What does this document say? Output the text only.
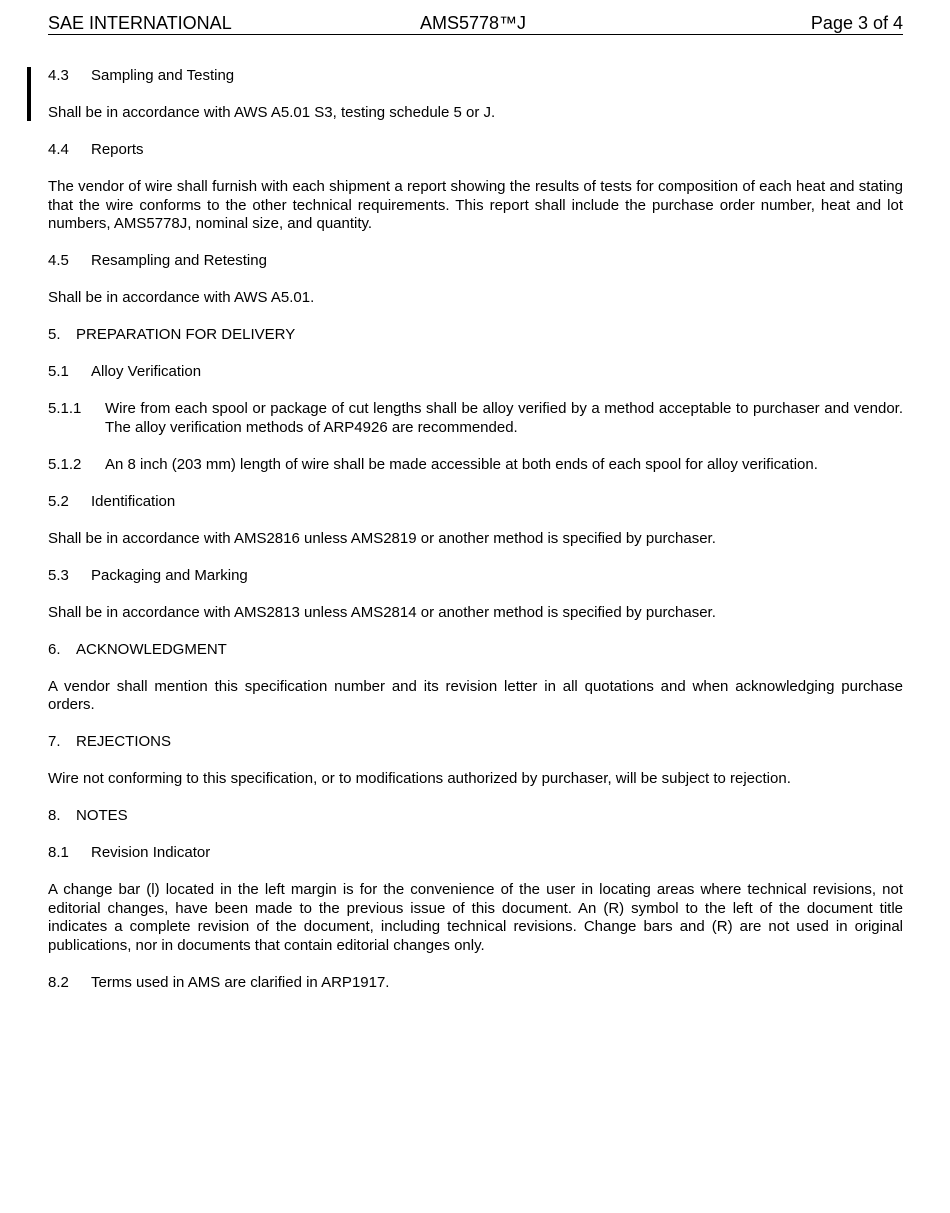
SAE INTERNATIONAL	AMS5778™J	Page 3 of 4

4.3 Sampling and Testing

Shall be in accordance with AWS A5.01 S3, testing schedule 5 or J.

4.4 Reports

The vendor of wire shall furnish with each shipment a report showing the results of tests for composition of each heat and stating that the wire conforms to the other technical requirements. This report shall include the purchase order number, heat and lot numbers, AMS5778J, nominal size, and quantity.

4.5 Resampling and Retesting

Shall be in accordance with AWS A5.01.

5. PREPARATION FOR DELIVERY

5.1 Alloy Verification

5.1.1 Wire from each spool or package of cut lengths shall be alloy verified by a method acceptable to purchaser and vendor. The alloy verification methods of ARP4926 are recommended.

5.1.2 An 8 inch (203 mm) length of wire shall be made accessible at both ends of each spool for alloy verification.

5.2 Identification

Shall be in accordance with AMS2816 unless AMS2819 or another method is specified by purchaser.

5.3 Packaging and Marking

Shall be in accordance with AMS2813 unless AMS2814 or another method is specified by purchaser.

6. ACKNOWLEDGMENT

A vendor shall mention this specification number and its revision letter in all quotations and when acknowledging purchase orders.

7. REJECTIONS

Wire not conforming to this specification, or to modifications authorized by purchaser, will be subject to rejection.

8. NOTES

8.1 Revision Indicator

A change bar (l) located in the left margin is for the convenience of the user in locating areas where technical revisions, not editorial changes, have been made to the previous issue of this document. An (R) symbol to the left of the document title indicates a complete revision of the document, including technical revisions. Change bars and (R) are not used in original publications, nor in documents that contain editorial changes only.

8.2 Terms used in AMS are clarified in ARP1917.
